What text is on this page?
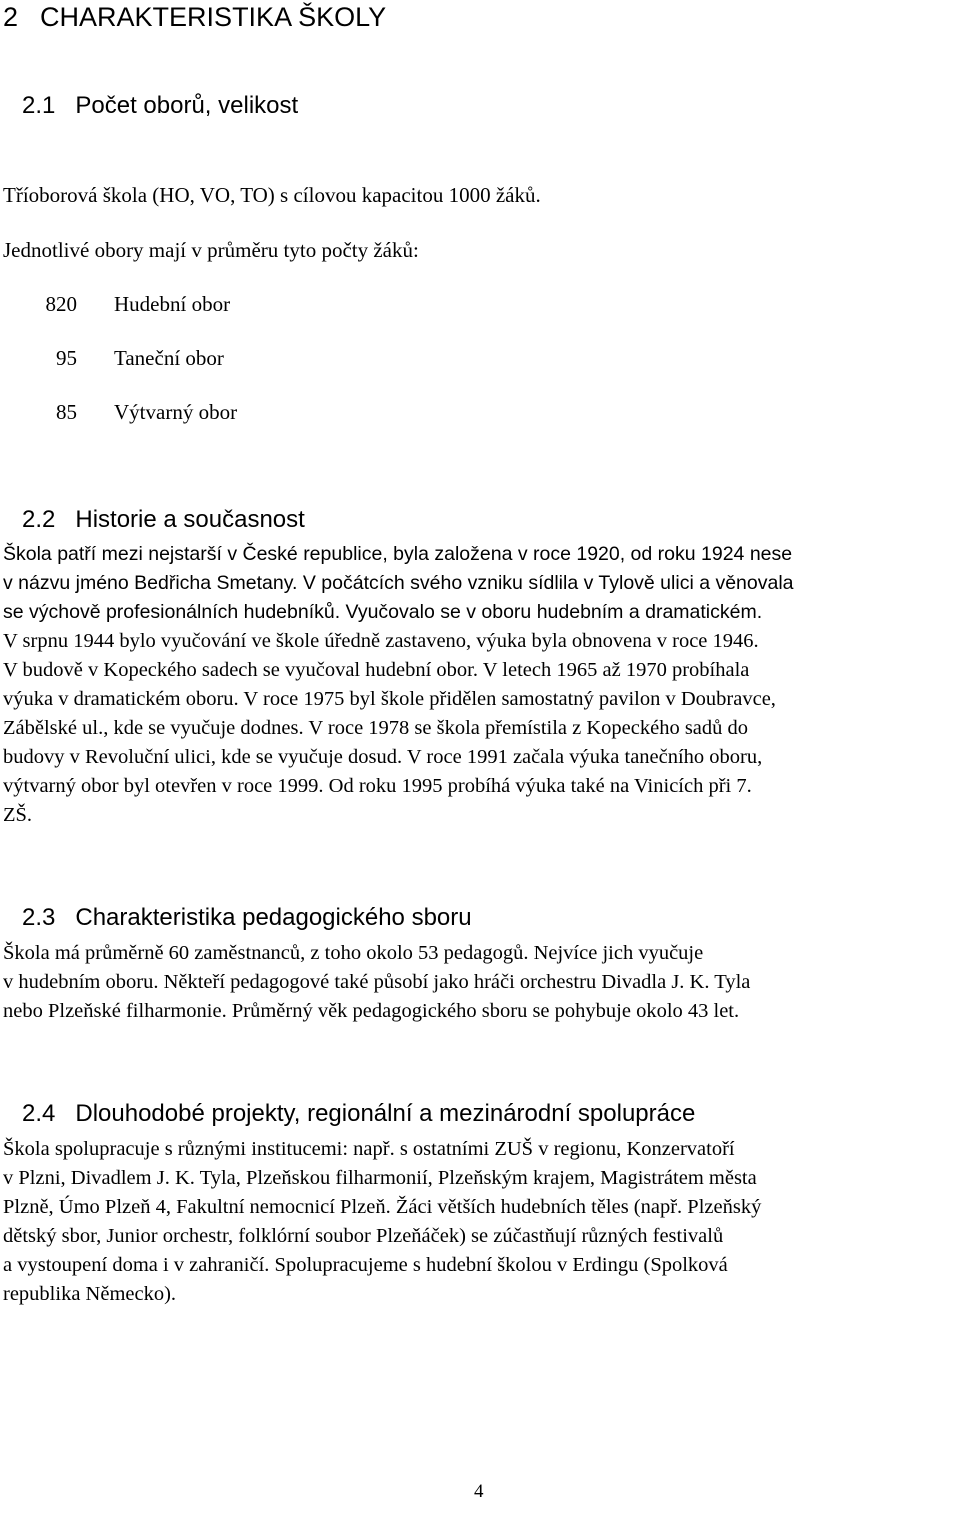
2 CHARAKTERISTIKA ŠKOLY
2.1 Počet oborů, velikost
Tříoborová škola (HO, VO, TO) s cílovou kapacitou 1000 žáků.
Jednotlivé obory mají v průměru tyto počty žáků:
820 Hudební obor
95 Taneční obor
85 Výtvarný obor
2.2 Historie a současnost
Škola patří mezi nejstarší v České republice, byla založena v roce 1920, od roku 1924 nese
v názvu jméno Bedřicha Smetany. V počátcích svého vzniku sídlila v Tylově ulici a věnovala
se výchově profesionálních hudebníků. Vyučovalo se v oboru hudebním a dramatickém.
V srpnu 1944 bylo vyučování ve škole úředně zastaveno, výuka byla obnovena v roce 1946.
V budově v Kopeckého sadech se vyučoval hudební obor. V letech 1965 až 1970 probíhala
výuka v dramatickém oboru. V roce 1975 byl škole přidělen samostatný pavilon v Doubravce,
Zábělské ul., kde se vyučuje dodnes. V roce 1978 se škola přemístila z Kopeckého sadů do
budovy v Revoluční ulici, kde se vyučuje dosud. V roce 1991 začala výuka tanečního oboru,
výtvarný obor byl otevřen v roce 1999. Od roku 1995 probíhá výuka také na Vinicích při 7.
ZŠ.
2.3 Charakteristika pedagogického sboru
Škola má průměrně 60 zaměstnanců, z toho okolo 53 pedagogů. Nejvíce jich vyučuje
v hudebním oboru. Někteří pedagogové také působí jako hráči orchestru Divadla J. K. Tyla
nebo Plzeňské filharmonie. Průměrný věk pedagogického sboru se pohybuje okolo 43 let.
2.4 Dlouhodobé projekty, regionální a mezinárodní spolupráce
Škola spolupracuje s různými institucemi: např. s ostatními ZUŠ v regionu, Konzervatoří
v Plzni, Divadlem J. K. Tyla, Plzeňskou filharmonií, Plzeňským krajem, Magistrátem města
Plzně, Úmo Plzeň 4, Fakultní nemocnicí Plzeň. Žáci větších hudebních těles (např. Plzeňský
dětský sbor, Junior orchestr, folklórní soubor Plzeňáček) se zúčastňují různých festivalů
a vystoupení doma i v zahraničí. Spolupracujeme s hudební školou v Erdingu (Spolková
republika Německo).
4
